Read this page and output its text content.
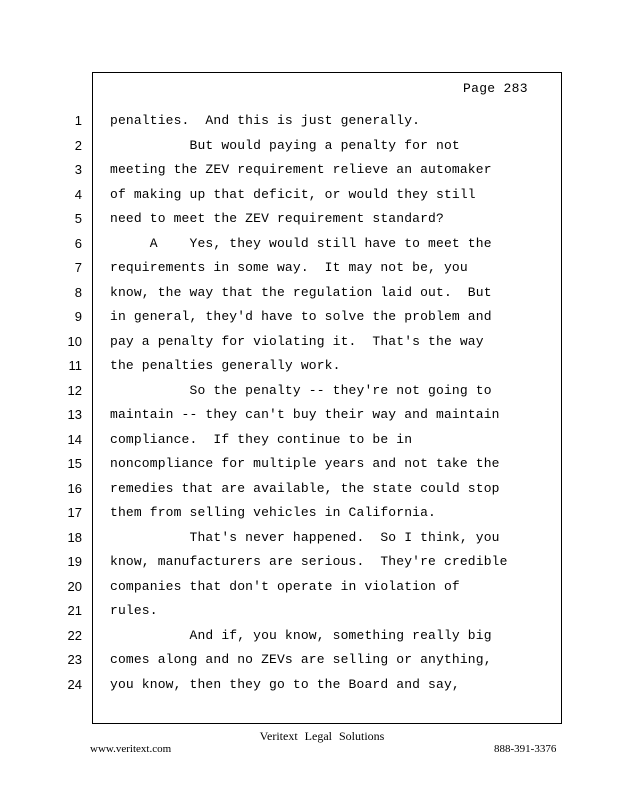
Page 283
1
2
3
4
5
6
7
8
9
10
11
12
13
14
15
16
17
18
19
20
21
22
23
24
penalties.  And this is just generally.
But would paying a penalty for not
meeting the ZEV requirement relieve an automaker
of making up that deficit, or would they still
need to meet the ZEV requirement standard?
A    Yes, they would still have to meet the
requirements in some way.  It may not be, you
know, the way that the regulation laid out.  But
in general, they'd have to solve the problem and
pay a penalty for violating it.  That's the way
the penalties generally work.
So the penalty -- they're not going to
maintain -- they can't buy their way and maintain
compliance.  If they continue to be in
noncompliance for multiple years and not take the
remedies that are available, the state could stop
them from selling vehicles in California.
That's never happened.  So I think, you
know, manufacturers are serious.  They're credible
companies that don't operate in violation of
rules.
And if, you know, something really big
comes along and no ZEVs are selling or anything,
you know, then they go to the Board and say,
Veritext Legal Solutions
www.veritext.com	888-391-3376
